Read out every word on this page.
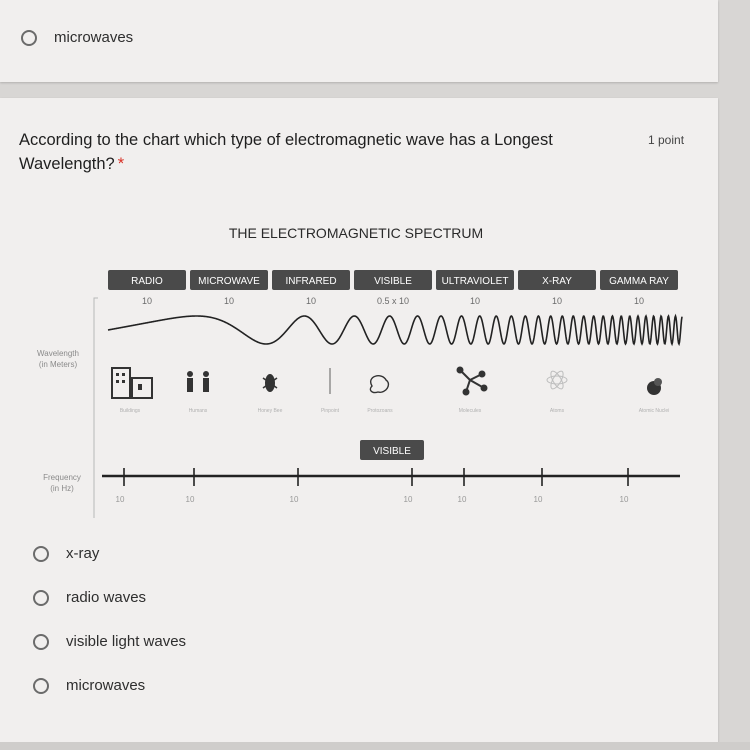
microwaves
According to the chart which type of electromagnetic wave has a Longest Wavelength? *
1 point
THE ELECTROMAGNETIC SPECTRUM
RADIO	MICROWAVE	INFRARED	VISIBLE	ULTRAVIOLET	X-RAY	GAMMA RAY
10	10	10	0.5 x 10	10	10	10
Wavelength
(in Meters)
Buildings	Humans	Honey Bee	Pinpoint	Protozoans	Molecules	Atoms	Atomic Nuclei
VISIBLE
Frequency
(in Hz)
10	10	10	10	10	10	10
x-ray
radio waves
visible light waves
microwaves
